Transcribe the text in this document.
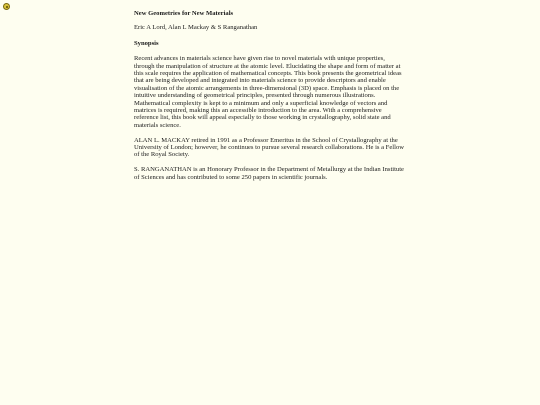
New Geometries for New Materials
Eric A Lord, Alan L Mackay & S Ranganathan
Synopsis
Recent advances in materials science have given rise to novel materials with unique properties, through the manipulation of structure at the atomic level. Elucidating the shape and form of matter at this scale requires the application of mathematical concepts. This book presents the geometrical ideas that are being developed and integrated into materials science to provide descriptors and enable visualisation of the atomic arrangements in three-dimensional (3D) space. Emphasis is placed on the intuitive understanding of geometrical principles, presented through numerous illustrations. Mathematical complexity is kept to a minimum and only a superficial knowledge of vectors and matrices is required, making this an accessible introduction to the area. With a comprehensive reference list, this book will appeal especially to those working in crystallography, solid state and materials science.
ALAN L. MACKAY retired in 1991 as a Professor Emeritus in the School of Crystallography at the University of London; however, he continues to pursue several research collaborations. He is a Fellow of the Royal Society.
S. RANGANATHAN is an Honorary Professor in the Department of Metallurgy at the Indian Institute of Sciences and has contributed to some 250 papers in scientific journals.
